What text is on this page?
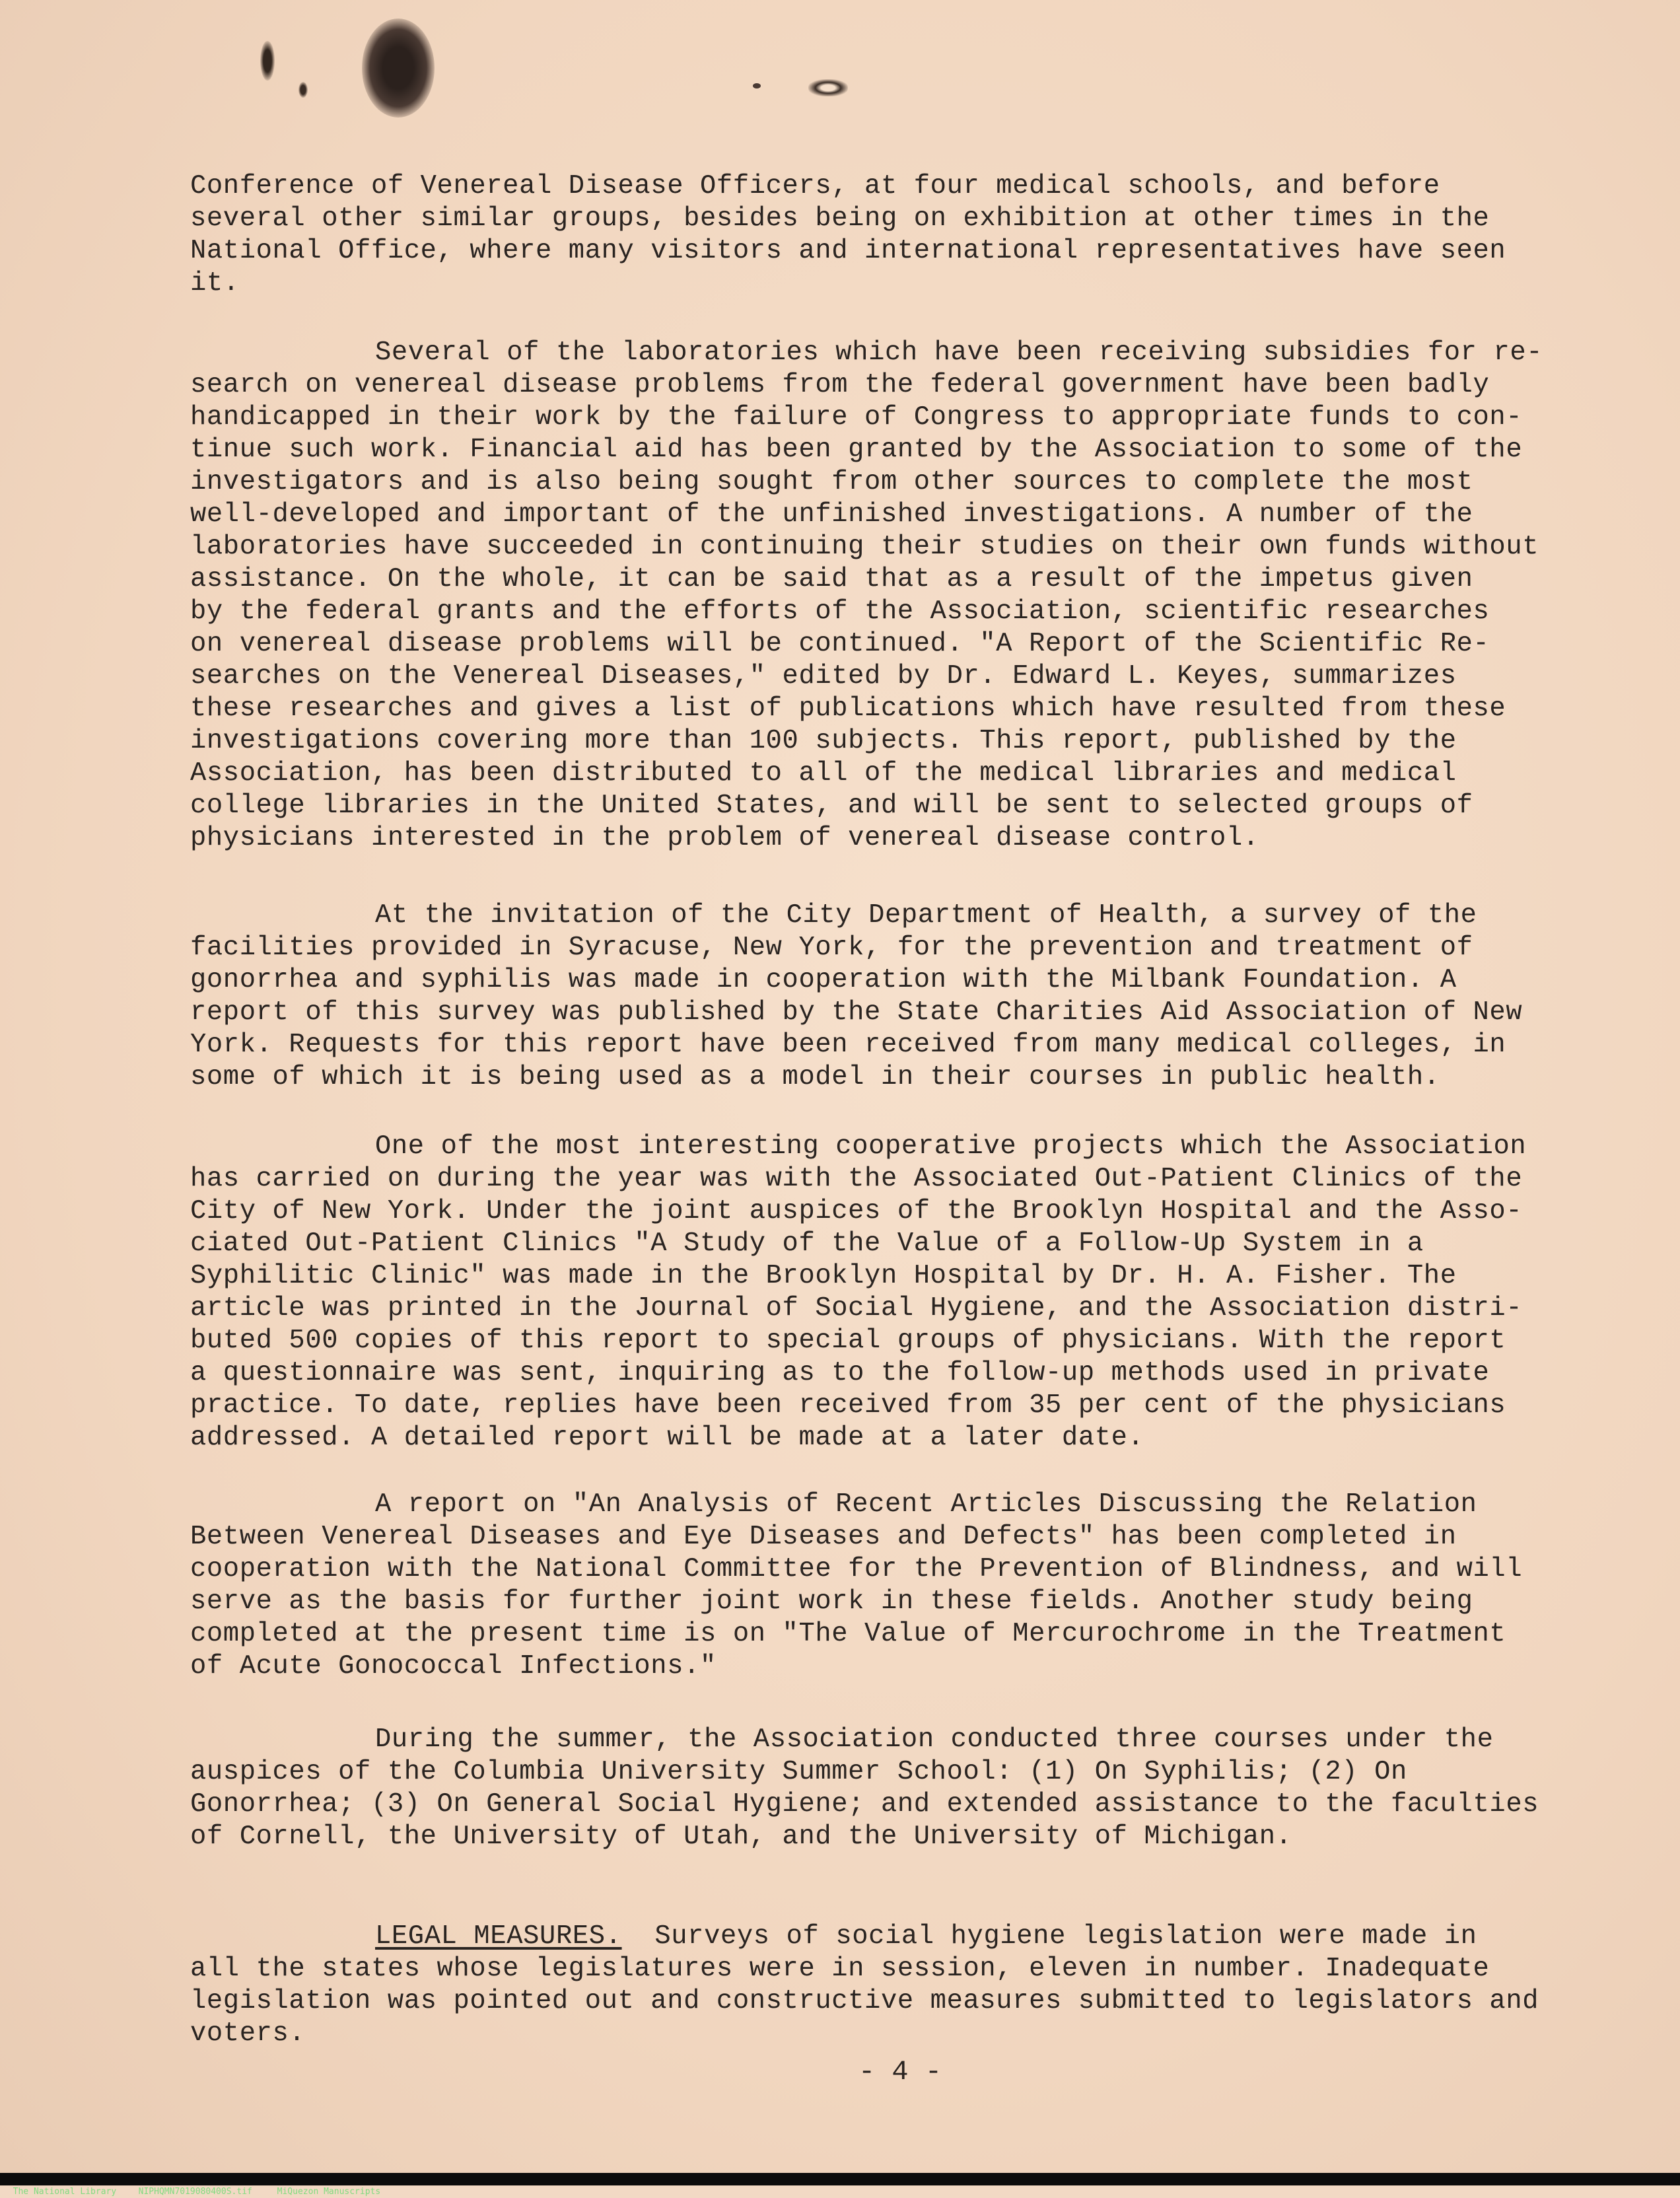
Conference of Venereal Disease Officers, at four medical schools, and before
several other similar groups, besides being on exhibition at other times in the
National Office, where many visitors and international representatives have seen
it.
Several of the laboratories which have been receiving subsidies for re-
search on venereal disease problems from the federal government have been badly
handicapped in their work by the failure of Congress to appropriate funds to con-
tinue such work. Financial aid has been granted by the Association to some of the
investigators and is also being sought from other sources to complete the most
well-developed and important of the unfinished investigations. A number of the
laboratories have succeeded in continuing their studies on their own funds without
assistance. On the whole, it can be said that as a result of the impetus given
by the federal grants and the efforts of the Association, scientific researches
on venereal disease problems will be continued. "A Report of the Scientific Re-
searches on the Venereal Diseases," edited by Dr. Edward L. Keyes, summarizes
these researches and gives a list of publications which have resulted from these
investigations covering more than 100 subjects. This report, published by the
Association, has been distributed to all of the medical libraries and medical
college libraries in the United States, and will be sent to selected groups of
physicians interested in the problem of venereal disease control.
At the invitation of the City Department of Health, a survey of the
facilities provided in Syracuse, New York, for the prevention and treatment of
gonorrhea and syphilis was made in cooperation with the Milbank Foundation. A
report of this survey was published by the State Charities Aid Association of New
York. Requests for this report have been received from many medical colleges, in
some of which it is being used as a model in their courses in public health.
One of the most interesting cooperative projects which the Association
has carried on during the year was with the Associated Out-Patient Clinics of the
City of New York. Under the joint auspices of the Brooklyn Hospital and the Asso-
ciated Out-Patient Clinics "A Study of the Value of a Follow-Up System in a
Syphilitic Clinic" was made in the Brooklyn Hospital by Dr. H. A. Fisher. The
article was printed in the Journal of Social Hygiene, and the Association distri-
buted 500 copies of this report to special groups of physicians. With the report
a questionnaire was sent, inquiring as to the follow-up methods used in private
practice. To date, replies have been received from 35 per cent of the physicians
addressed. A detailed report will be made at a later date.
A report on "An Analysis of Recent Articles Discussing the Relation
Between Venereal Diseases and Eye Diseases and Defects" has been completed in
cooperation with the National Committee for the Prevention of Blindness, and will
serve as the basis for further joint work in these fields. Another study being
completed at the present time is on "The Value of Mercurochrome in the Treatment
of Acute Gonococcal Infections."
During the summer, the Association conducted three courses under the
auspices of the Columbia University Summer School: (1) On Syphilis; (2) On
Gonorrhea; (3) On General Social Hygiene; and extended assistance to the faculties
of Cornell, the University of Utah, and the University of Michigan.
LEGAL MEASURES. Surveys of social hygiene legislation were made in
all the states whose legislatures were in session, eleven in number. Inadequate
legislation was pointed out and constructive measures submitted to legislators and
voters.
- 4 -

The National Library	NIPHQMN7019080400S.tif	MiQuezon Manuscripts
